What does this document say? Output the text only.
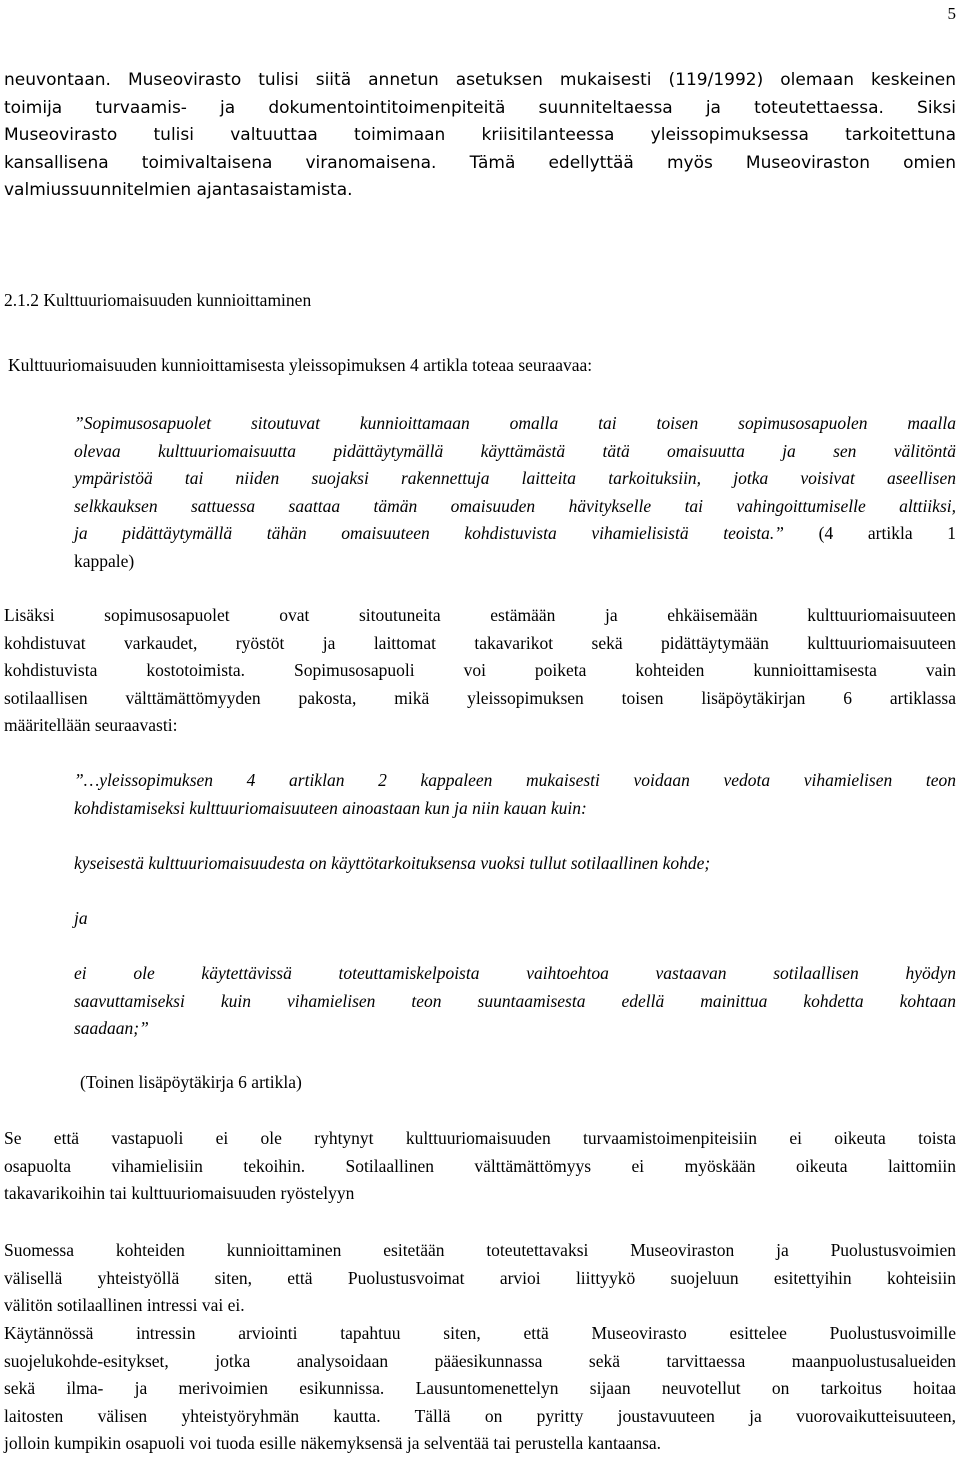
5
neuvontaan. Museovirasto tulisi siitä annetun asetuksen mukaisesti (119/1992) olemaan keskeinen
toimija turvaamis- ja dokumentointitoimenpiteitä suunniteltaessa ja toteutettaessa. Siksi
Museovirasto tulisi valtuuttaa toimimaan kriisitilanteessa yleissopimuksessa tarkoitettuna
kansallisena toimivaltaisena viranomaisena. Tämä edellyttää myös Museoviraston omien
valmiussuunnitelmien ajantasaistamista.
2.1.2 Kulttuuriomaisuuden kunnioittaminen
Kulttuuriomaisuuden kunnioittamisesta yleissopimuksen 4 artikla toteaa seuraavaa:
”Sopimusosapuolet sitoutuvat kunnioittamaan omalla tai toisen sopimusosapuolen maalla
olevaa kulttuuriomaisuutta pidättäytymällä käyttämästä tätä omaisuutta ja sen välitöntä
ympäristöä tai niiden suojaksi rakennettuja laitteita tarkoituksiin, jotka voisivat aseellisen
selkkauksen sattuessa saattaa tämän omaisuuden hävitykselle tai vahingoittumiselle alttiiksi,
ja pidättäytymällä tähän omaisuuteen kohdistuvista vihamielisistä teoista.” (4 artikla 1
kappale)
Lisäksi sopimusosapuolet ovat sitoutuneita estämään ja ehkäisemään kulttuuriomaisuuteen
kohdistuvat varkaudet, ryöstöt ja laittomat takavarikot sekä pidättäytymään kulttuuriomaisuuteen
kohdistuvista kostotoimista. Sopimusosapuoli voi poiketa kohteiden kunnioittamisesta vain
sotilaallisen välttämättömyyden pakosta, mikä yleissopimuksen toisen lisäpöytäkirjan 6 artiklassa
määritellään seuraavasti:
”…yleissopimuksen 4 artiklan 2 kappaleen mukaisesti voidaan vedota vihamielisen teon
kohdistamiseksi kulttuuriomaisuuteen ainoastaan kun ja niin kauan kuin:
kyseisestä kulttuuriomaisuudesta on käyttötarkoituksensa vuoksi tullut sotilaallinen kohde;
ja
ei ole käytettävissä toteuttamiskelpoista vaihtoehtoa vastaavan sotilaallisen hyödyn
saavuttamiseksi kuin vihamielisen teon suuntaamisesta edellä mainittua kohdetta kohtaan
saadaan;”
(Toinen lisäpöytäkirja 6 artikla)
Se että vastapuoli ei ole ryhtynyt kulttuuriomaisuuden turvaamistoimenpiteisiin ei oikeuta toista
osapuolta vihamielisiin tekoihin. Sotilaallinen välttämättömyys ei myöskään oikeuta laittomiin
takavarikoihin tai kulttuuriomaisuuden ryöstelyyn
Suomessa kohteiden kunnioittaminen esitetään toteutettavaksi Museoviraston ja Puolustusvoimien
välisellä yhteistyöllä siten, että Puolustusvoimat arvioi liittyykö suojeluun esitettyihin kohteisiin
välitön sotilaallinen intressi vai ei.
Käytännössä intressin arviointi tapahtuu siten, että Museovirasto esittelee Puolustusvoimille
suojelukohde-esitykset, jotka analysoidaan pääesikunnassa sekä tarvittaessa maanpuolustusalueiden
sekä ilma- ja merivoimien esikunnissa. Lausuntomenettelyn sijaan neuvotellut on tarkoitus hoitaa
laitosten välisen yhteistyöryhmän kautta. Tällä on pyritty joustavuuteen ja vuorovaikutteisuuteen,
jolloin kumpikin osapuoli voi tuoda esille näkemyksensä ja selventää tai perustella kantaansa.
